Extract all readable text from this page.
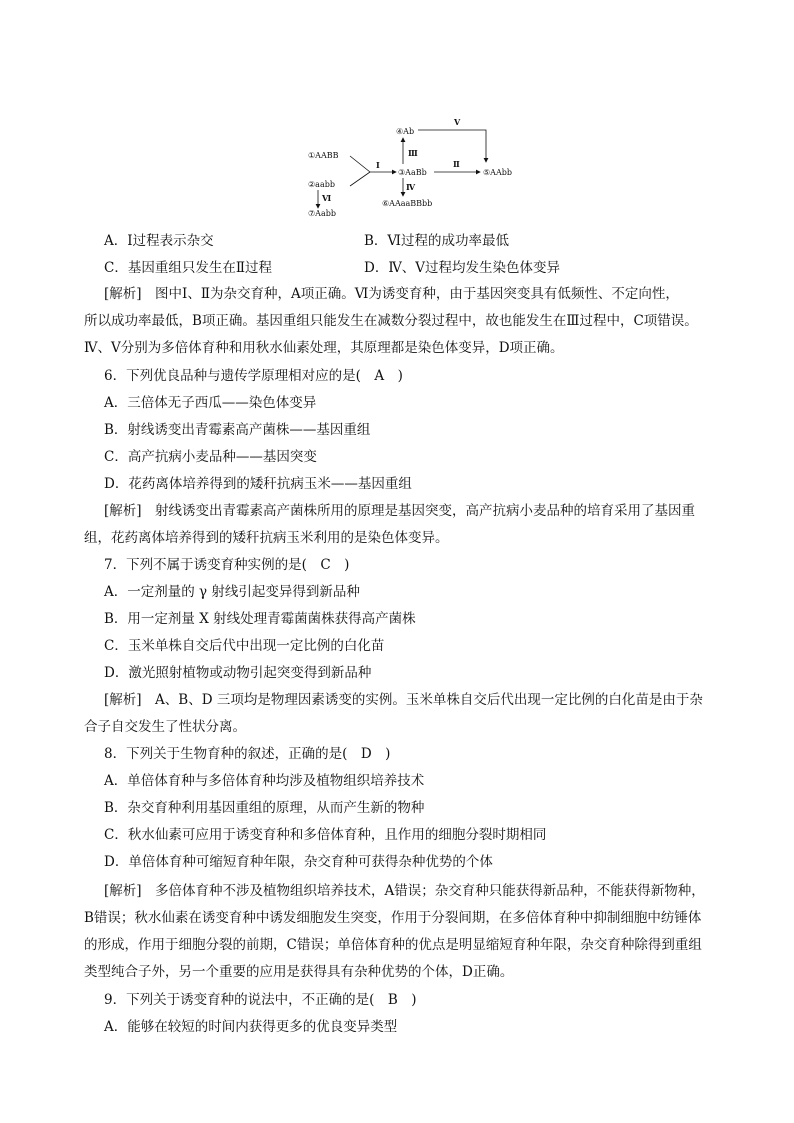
①AABB
②aabb
③AaBb
④Ab
⑤AAbb
⑥AAaaBBbb
⑦Aabb
Ⅰ	Ⅱ
Ⅲ
Ⅳ
Ⅴ
Ⅵ
A．Ⅰ过程表示杂交	B．Ⅵ过程的成功率最低
C．基因重组只发生在Ⅱ过程	D．Ⅳ、Ⅴ过程均发生染色体变异
[解析]　 图中Ⅰ、Ⅱ为杂交育种，A项正确。Ⅵ为诱变育种，由于基因突变具有低频性、不定向性，
所以成功率最低，B项正确。基因重组只能发生在减数分裂过程中，故也能发生在Ⅲ过程中，C项错误。
Ⅳ、Ⅴ分别为多倍体育种和用秋水仙素处理，其原理都是染色体变异，D项正确。
6．下列优良品种与遗传学原理相对应的是(　A　)
A．三倍体无子西瓜——染色体变异
B．射线诱变出青霉素高产菌株——基因重组
C．高产抗病小麦品种——基因突变
D．花药离体培养得到的矮秆抗病玉米——基因重组
[解析]　 射线诱变出青霉素高产菌株所用的原理是基因突变，高产抗病小麦品种的培育采用了基因重
组，花药离体培养得到的矮秆抗病玉米利用的是染色体变异。
7．下列不属于诱变育种实例的是(　C　)
A．一定剂量的 γ 射线引起变异得到新品种
B．用一定剂量 X 射线处理青霉菌菌株获得高产菌株
C．玉米单株自交后代中出现一定比例的白化苗
D．激光照射植物或动物引起突变得到新品种
[解析]　 A、B、D 三项均是物理因素诱变的实例。玉米单株自交后代出现一定比例的白化苗是由于杂
合子自交发生了性状分离。
8．下列关于生物育种的叙述，正确的是(　D　)
A．单倍体育种与多倍体育种均涉及植物组织培养技术
B．杂交育种利用基因重组的原理，从而产生新的物种
C．秋水仙素可应用于诱变育种和多倍体育种，且作用的细胞分裂时期相同
D．单倍体育种可缩短育种年限，杂交育种可获得杂种优势的个体
[解析]　 多倍体育种不涉及植物组织培养技术，A错误；杂交育种只能获得新品种，不能获得新物种，
B错误；秋水仙素在诱变育种中诱发细胞发生突变，作用于分裂间期，在多倍体育种中抑制细胞中纺锤体
的形成，作用于细胞分裂的前期，C错误；单倍体育种的优点是明显缩短育种年限，杂交育种除得到重组
类型纯合子外，另一个重要的应用是获得具有杂种优势的个体，D正确。
9．下列关于诱变育种的说法中，不正确的是(　B　)
A．能够在较短的时间内获得更多的优良变异类型
